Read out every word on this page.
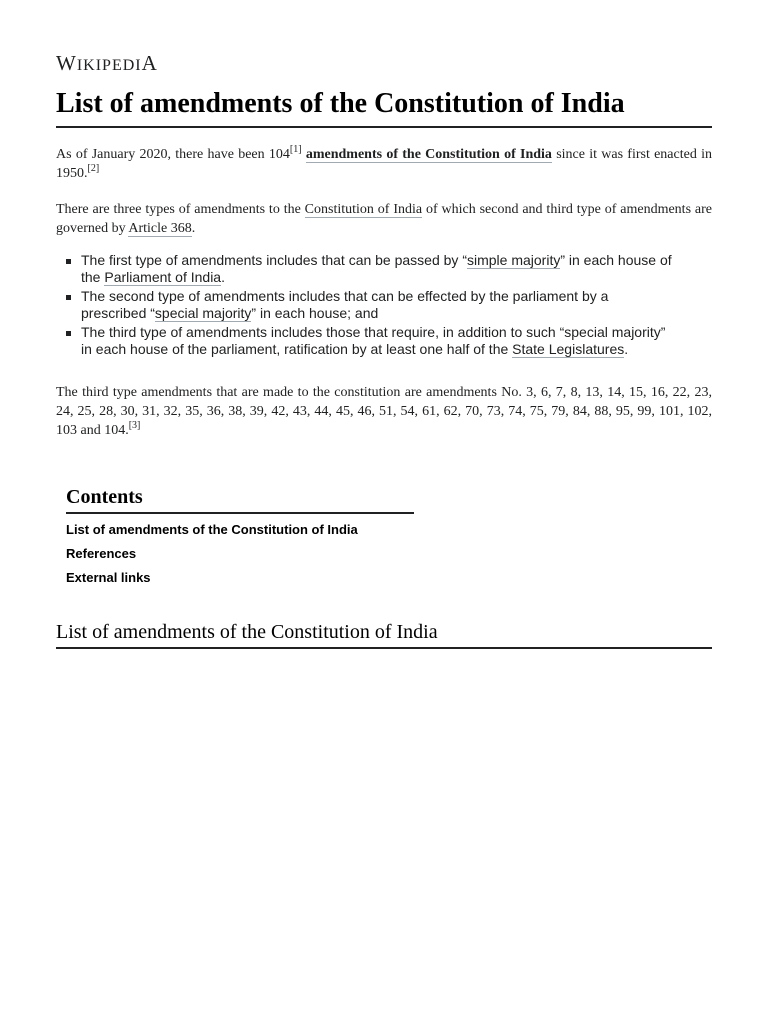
WIKIPEDIA
List of amendments of the Constitution of India

As of January 2020, there have been 104[1] amendments of the Constitution of India since it was first enacted in 1950.[2]

There are three types of amendments to the Constitution of India of which second and third type of amendments are governed by Article 368.

The first type of amendments includes that can be passed by “simple majority” in each house of the Parliament of India.
The second type of amendments includes that can be effected by the parliament by a prescribed “special majority” in each house; and
The third type of amendments includes those that require, in addition to such “special majority” in each house of the parliament, ratification by at least one half of the State Legislatures.

The third type amendments that are made to the constitution are amendments No. 3, 6, 7, 8, 13, 14, 15, 16, 22, 23, 24, 25, 28, 30, 31, 32, 35, 36, 38, 39, 42, 43, 44, 45, 46, 51, 54, 61, 62, 70, 73, 74, 75, 79, 84, 88, 95, 99, 101, 102, 103 and 104.[3]

Contents
List of amendments of the Constitution of India
References
External links
List of amendments of the Constitution of India
